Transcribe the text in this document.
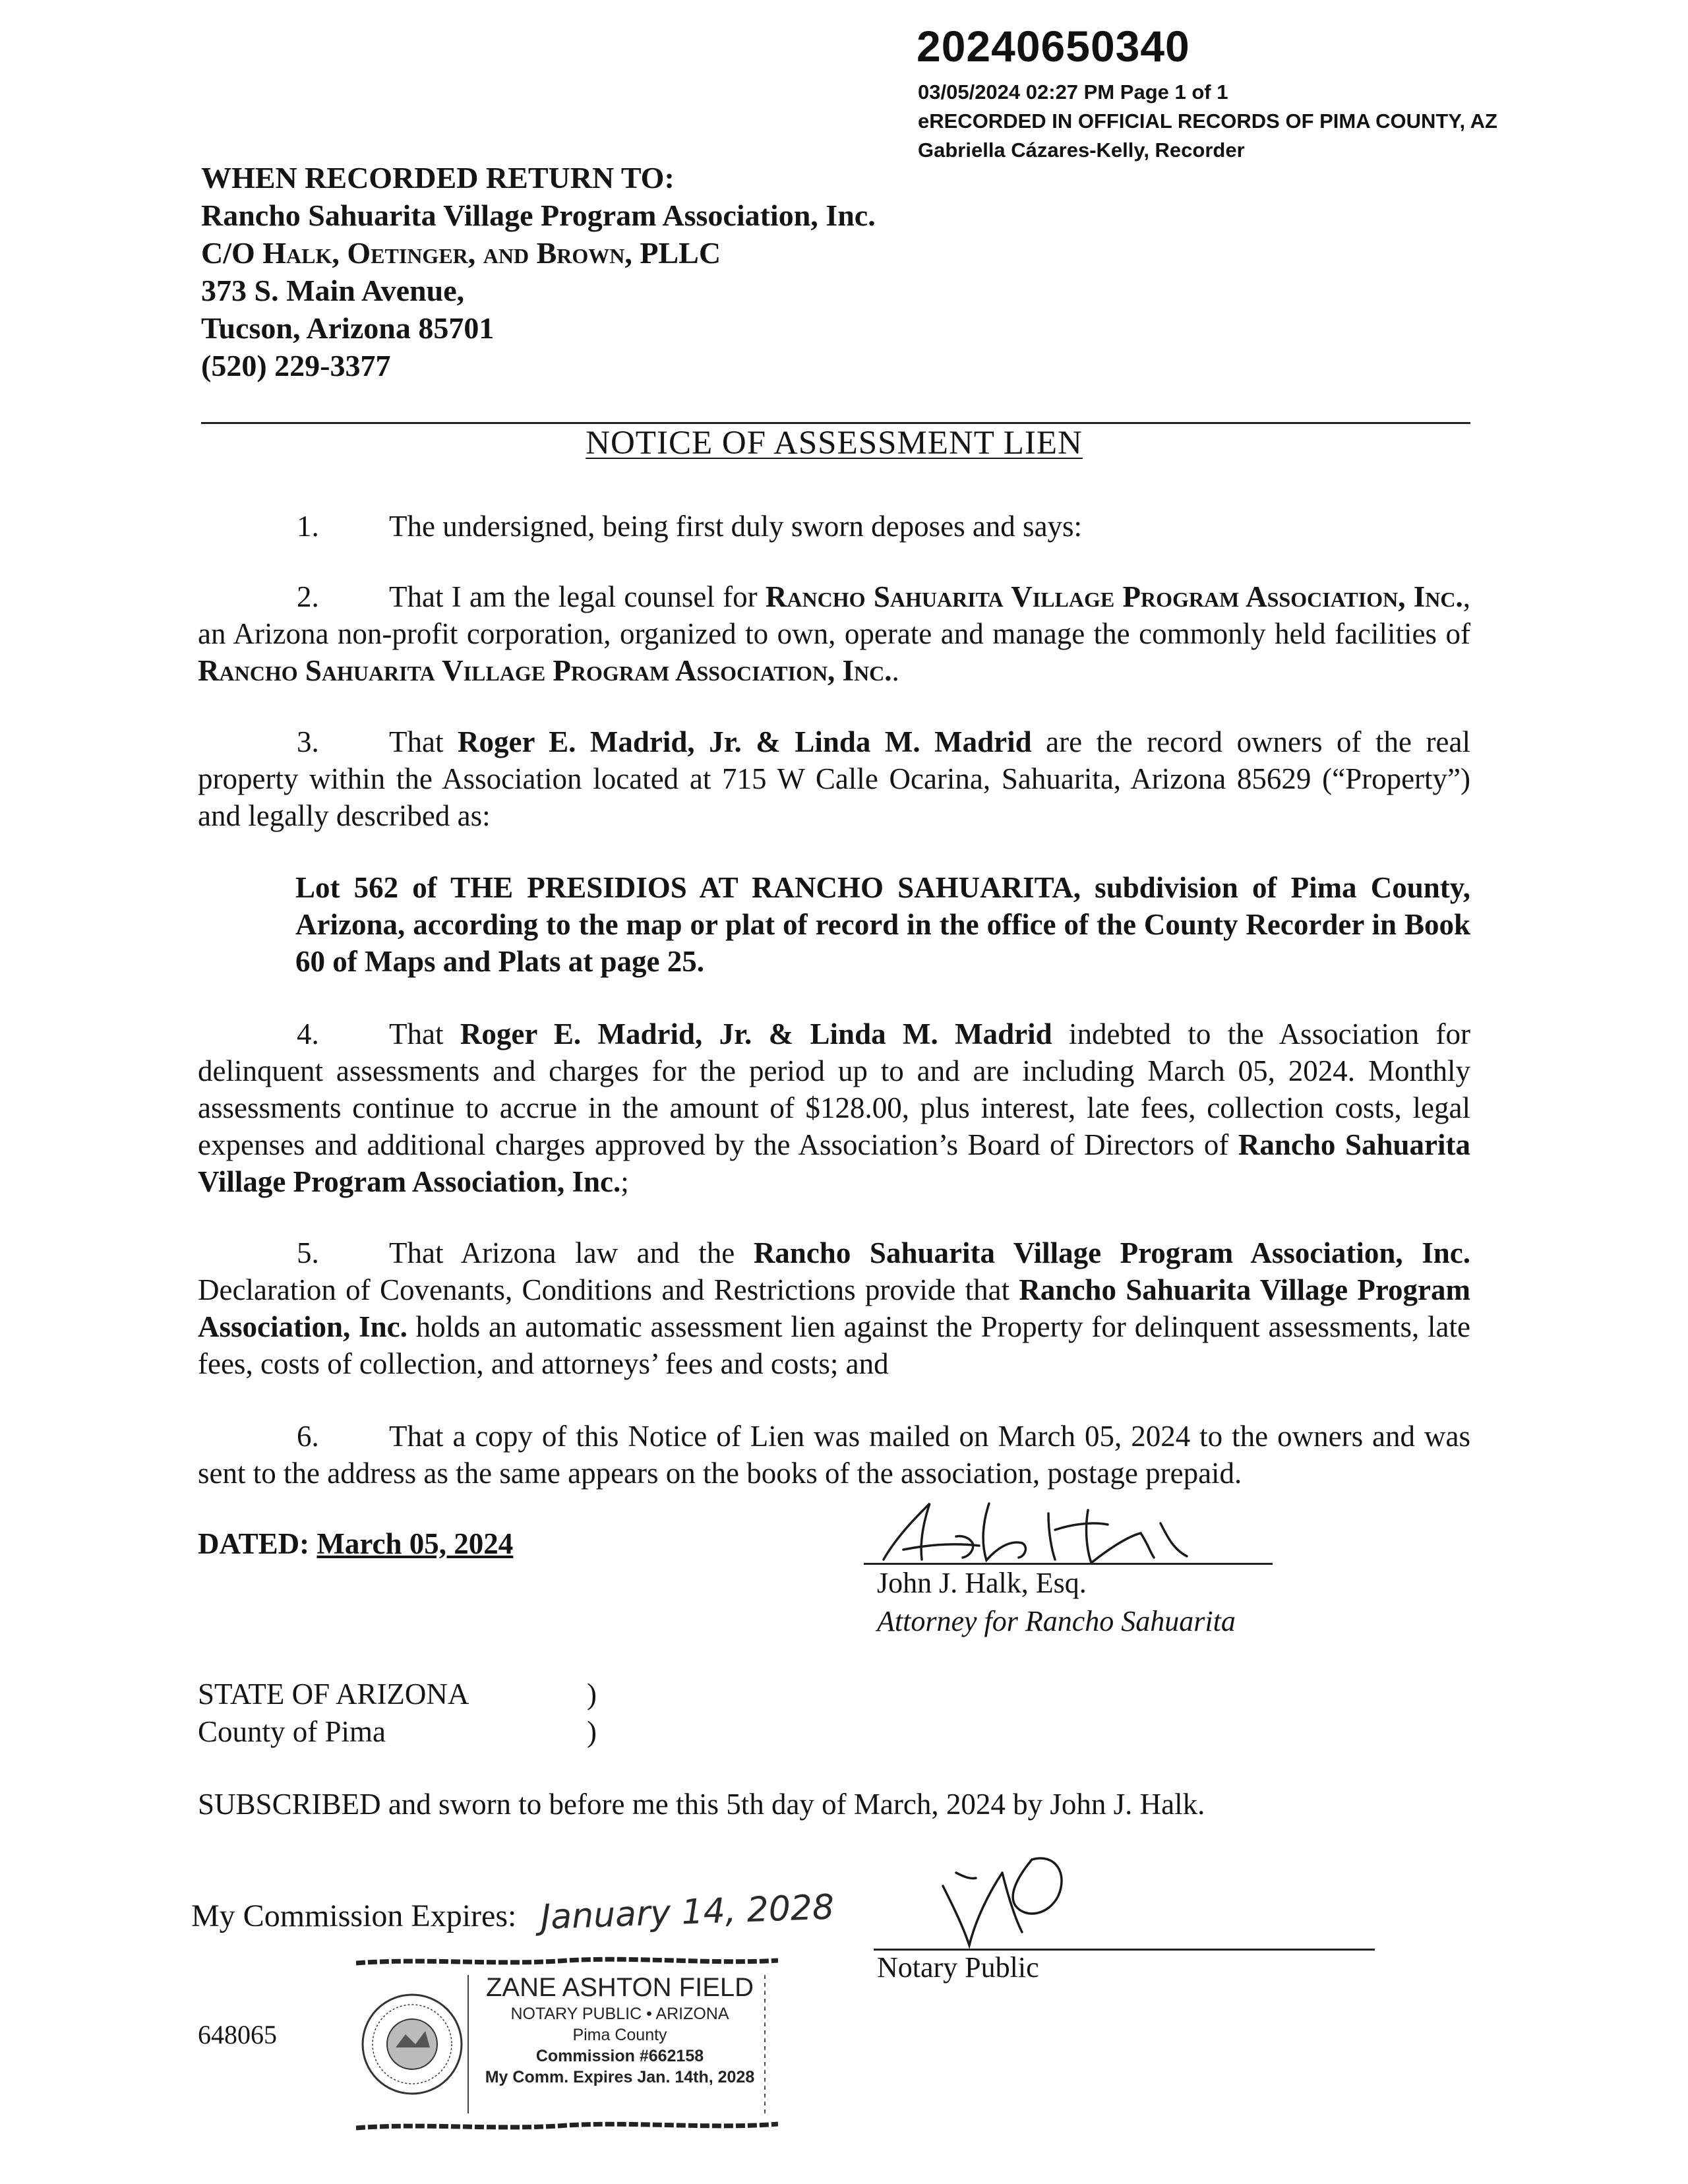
20240650340
03/05/2024 02:27 PM Page 1 of 1
eRECORDED IN OFFICIAL RECORDS OF PIMA COUNTY, AZ
Gabriella Cázares-Kelly, Recorder
WHEN RECORDED RETURN TO:
Rancho Sahuarita Village Program Association, Inc.
C/O Halk, Oetinger, and Brown, PLLC
373 S. Main Avenue,
Tucson, Arizona 85701
(520) 229-3377
NOTICE OF ASSESSMENT LIEN
1. The undersigned, being first duly sworn deposes and says:
2. That I am the legal counsel for Rancho Sahuarita Village Program Association, Inc., an Arizona non-profit corporation, organized to own, operate and manage the commonly held facilities of Rancho Sahuarita Village Program Association, Inc..
3. That Roger E. Madrid, Jr. & Linda M. Madrid are the record owners of the real property within the Association located at 715 W Calle Ocarina, Sahuarita, Arizona 85629 (“Property”) and legally described as:
Lot 562 of THE PRESIDIOS AT RANCHO SAHUARITA, subdivision of Pima County, Arizona, according to the map or plat of record in the office of the County Recorder in Book 60 of Maps and Plats at page 25.
4. That Roger E. Madrid, Jr. & Linda M. Madrid indebted to the Association for delinquent assessments and charges for the period up to and are including March 05, 2024. Monthly assessments continue to accrue in the amount of $128.00, plus interest, late fees, collection costs, legal expenses and additional charges approved by the Association’s Board of Directors of Rancho Sahuarita Village Program Association, Inc.;
5. That Arizona law and the Rancho Sahuarita Village Program Association, Inc. Declaration of Covenants, Conditions and Restrictions provide that Rancho Sahuarita Village Program Association, Inc. holds an automatic assessment lien against the Property for delinquent assessments, late fees, costs of collection, and attorneys’ fees and costs; and
6. That a copy of this Notice of Lien was mailed on March 05, 2024 to the owners and was sent to the address as the same appears on the books of the association, postage prepaid.
DATED: March 05, 2024
John J. Halk, Esq.
Attorney for Rancho Sahuarita
STATE OF ARIZONA	)
County of Pima	)
SUBSCRIBED and sworn to before me this 5th day of March, 2024 by John J. Halk.
My Commission Expires: January 14, 2028
Notary Public
648065
ZANE ASHTON FIELD
NOTARY PUBLIC • ARIZONA
Pima County
Commission #662158
My Comm. Expires Jan. 14th, 2028
